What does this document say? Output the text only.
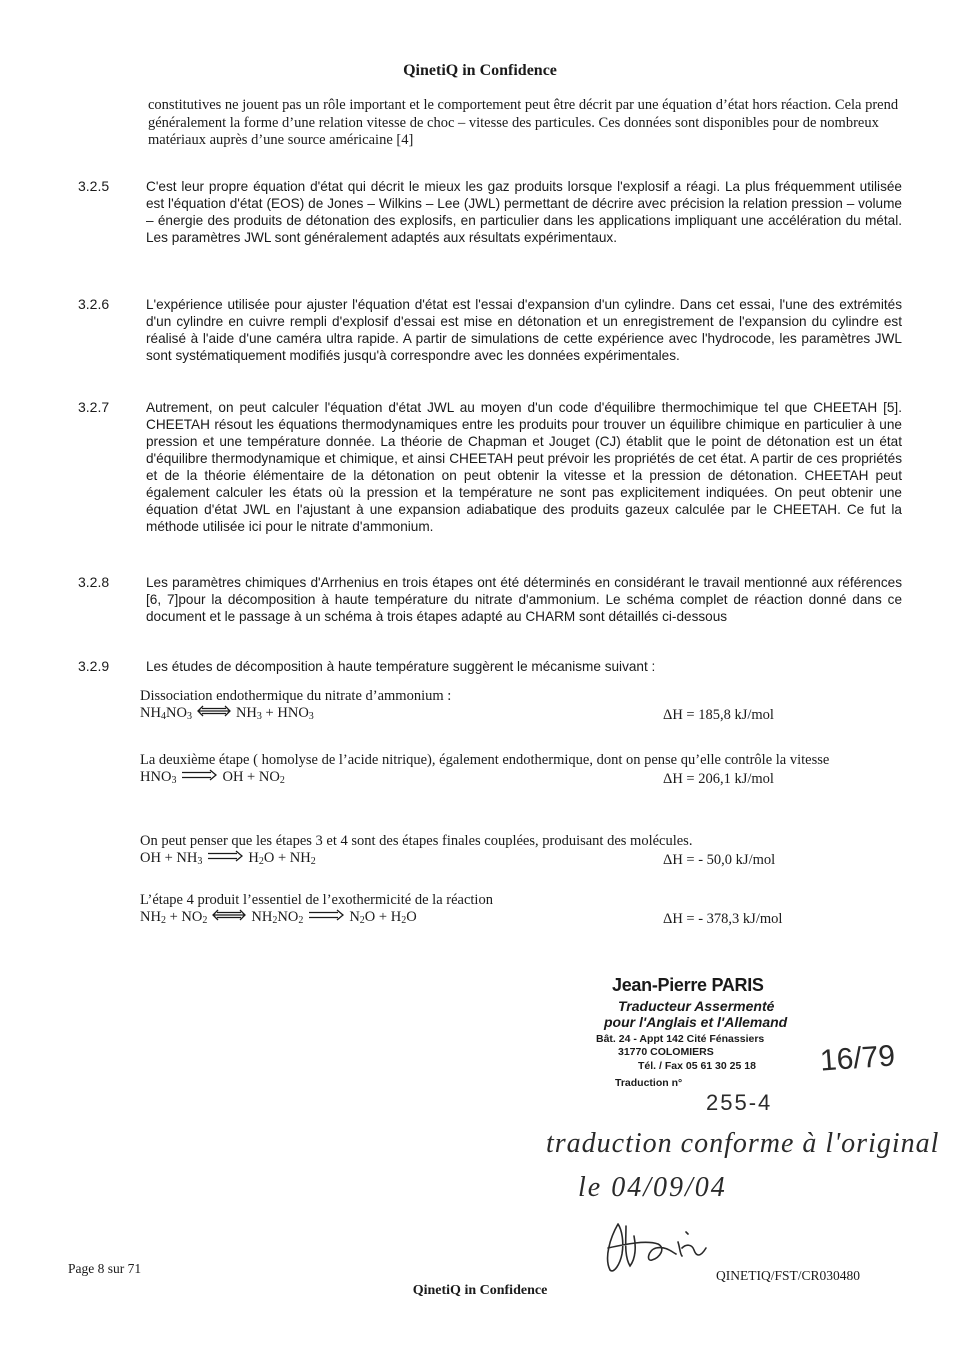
QinetiQ in Confidence
constitutives ne jouent pas un rôle important et le comportement peut être décrit par une équation d’état hors réaction. Cela prend généralement la forme d’une relation vitesse de choc – vitesse des particules. Ces données sont disponibles pour de nombreux matériaux auprès d’une source américaine [4]
3.2.5	C'est leur propre équation d'état qui décrit le mieux les gaz produits lorsque l'explosif a réagi. La plus fréquemment utilisée est l'équation d'état (EOS) de Jones – Wilkins – Lee (JWL) permettant de décrire avec précision la relation pression – volume – énergie des produits de détonation des explosifs, en particulier dans les applications impliquant une accélération du métal. Les paramètres JWL sont généralement adaptés aux résultats expérimentaux.
3.2.6	L'expérience utilisée pour ajuster l'équation d'état est l'essai d'expansion d'un cylindre. Dans cet essai, l'une des extrémités d'un cylindre en cuivre rempli d'explosif d'essai est mise en détonation et un enregistrement de l'expansion du cylindre est réalisé à l'aide d'une caméra ultra rapide. A partir de simulations de cette expérience avec l'hydrocode, les paramètres JWL sont systématiquement modifiés jusqu'à correspondre avec les données expérimentales.
3.2.7	Autrement, on peut calculer l'équation d'état JWL au moyen d'un code d'équilibre thermochimique tel que CHEETAH [5]. CHEETAH résout les équations thermodynamiques entre les produits pour trouver un équilibre chimique en particulier à une pression et une température donnée. La théorie de Chapman et Jouget (CJ) établit que le point de détonation est un état d'équilibre thermodynamique et chimique, et ainsi CHEETAH peut prévoir les propriétés de cet état. A partir de ces propriétés et de la théorie élémentaire de la détonation on peut obtenir la vitesse et la pression de détonation. CHEETAH peut également calculer les états où la pression et la température ne sont pas explicitement indiquées. On peut obtenir une équation d'état JWL en l'ajustant à une expansion adiabatique des produits gazeux calculée par le CHEETAH. Ce fut la méthode utilisée ici pour le nitrate d'ammonium.
3.2.8	Les paramètres chimiques d'Arrhenius en trois étapes ont été déterminés en considérant le travail mentionné aux références [6, 7]pour la décomposition à haute température du nitrate d'ammonium. Le schéma complet de réaction donné dans ce document et le passage à un schéma à trois étapes adapté au CHARM sont détaillés ci-dessous
3.2.9	Les études de décomposition à haute température suggèrent le mécanisme suivant :
Dissociation endothermique du nitrate d’ammonium :
$NH_4NO_3$	$NH_3 + HNO_3$	ΔH = 185,8 kJ/mol
La deuxième étape ( homolyse de l’acide nitrique), également endothermique, dont on pense qu’elle contrôle la vitesse
$HNO_3$	OH + $NO_2$	ΔH = 206,1 kJ/mol
On peut penser que les étapes 3 et 4 sont des étapes finales couplées, produisant des molécules.
OH + $NH_3$	$H_2O + NH_2$	ΔH = - 50,0 kJ/mol
L’étape 4 produit l’essentiel de l’exothermicité de la réaction
$NH_2 + NO_2$	$NH_2NO_2$	$N_2O + H_2O$	ΔH = - 378,3 kJ/mol
Jean-Pierre PARIS
Traducteur Assermenté
pour l'Anglais et l'Allemand
Bât. 24 - Appt 142 Cité Fénassiers
31770 COLOMIERS
Tél. / Fax 05 61 30 25 18
Traduction n°
16/79
255-4
traduction conforme à l'original
le 04/09/04
Page 8 sur 71
QinetiQ in Confidence
QINETIQ/FST/CR030480
